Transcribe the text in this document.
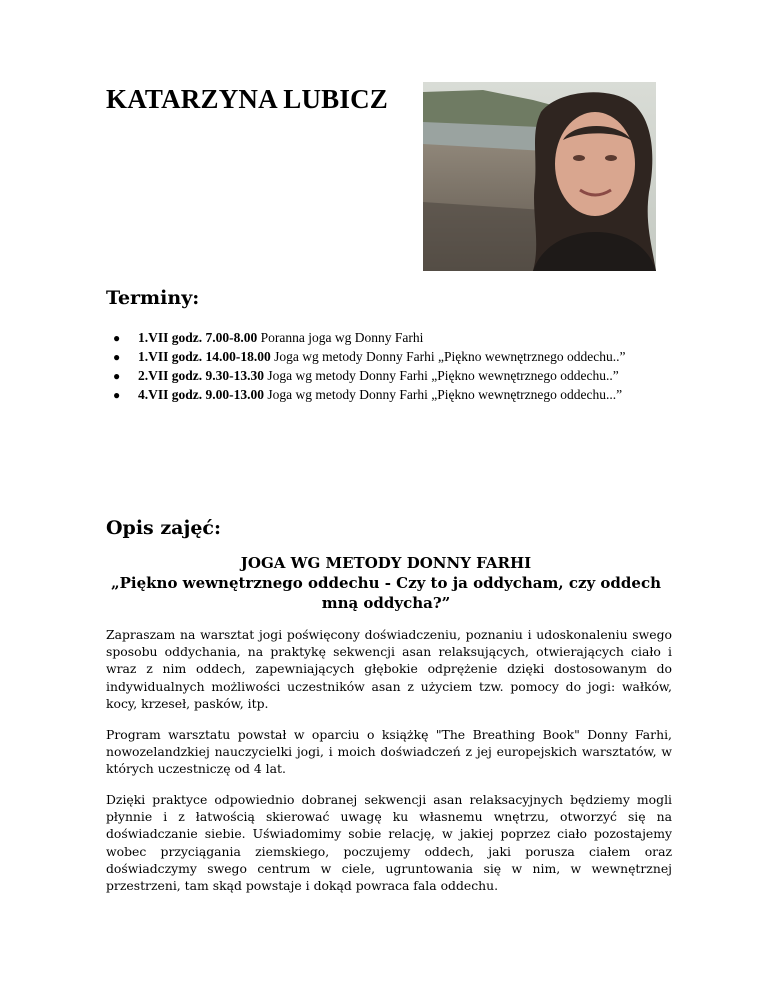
KATARZYNA LUBICZ
Terminy:
● 1.VII godz. 7.00-8.00 Poranna joga wg Donny Farhi
● 1.VII godz. 14.00-18.00 Joga wg metody Donny Farhi „Piękno wewnętrznego oddechu..”
● 2.VII godz. 9.30-13.30 Joga wg metody Donny Farhi „Piękno wewnętrznego oddechu..”
● 4.VII godz. 9.00-13.00 Joga wg metody Donny Farhi „Piękno wewnętrznego oddechu...”
Opis zajęć:
JOGA WG METODY DONNY FARHI
„Piękno wewnętrznego oddechu - Czy to ja oddycham, czy oddech mną oddycha?”

Zapraszam na warsztat jogi poświęcony doświadczeniu, poznaniu i udoskonaleniu swego sposobu oddychania, na praktykę sekwencji asan relaksujących, otwierających ciało i wraz z nim oddech, zapewniających głębokie odprężenie dzięki dostosowanym do indywidualnych możliwości uczestników asan z użyciem tzw. pomocy do jogi: wałków, kocy, krzeseł, pasków, itp.

Program warsztatu powstał w oparciu o książkę "The Breathing Book" Donny Farhi, nowozelandzkiej nauczycielki jogi, i moich doświadczeń z jej europejskich warsztatów, w których uczestniczę od 4 lat.

Dzięki praktyce odpowiednio dobranej sekwencji asan relaksacyjnych będziemy mogli płynnie i z łatwością skierować uwagę ku własnemu wnętrzu, otworzyć się na doświadczanie siebie. Uświadomimy sobie relację, w jakiej poprzez ciało pozostajemy wobec przyciągania ziemskiego, poczujemy oddech, jaki porusza ciałem oraz doświadczymy swego centrum w ciele, ugruntowania się w nim, w wewnętrznej przestrzeni, tam skąd powstaje i dokąd powraca fala oddechu.
